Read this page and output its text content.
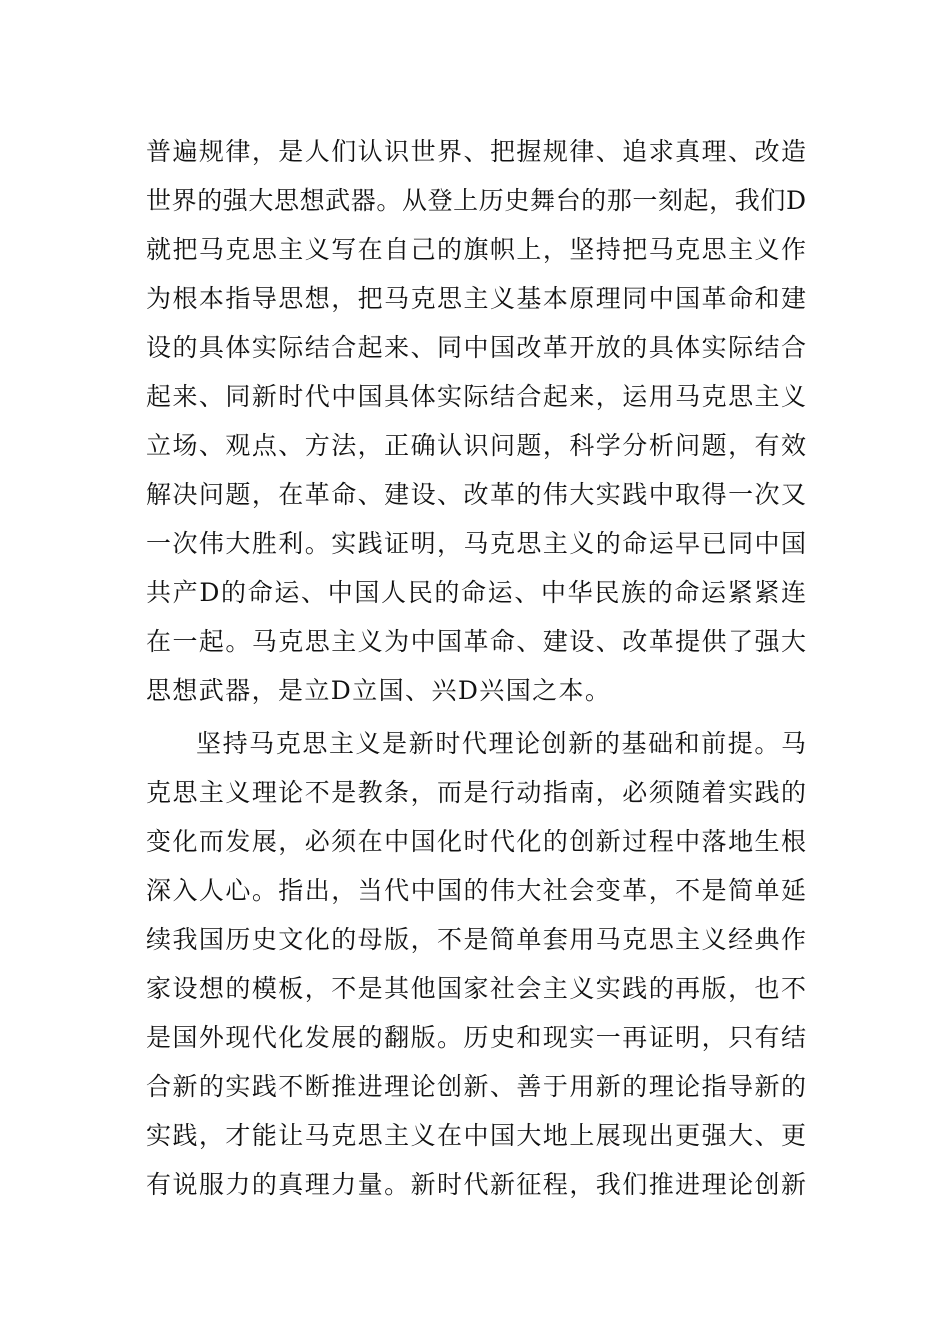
普遍规律，是人们认识世界、把握规律、追求真理、改造
世界的强大思想武器。从登上历史舞台的那一刻起，我们D
就把马克思主义写在自己的旗帜上，坚持把马克思主义作
为根本指导思想，把马克思主义基本原理同中国革命和建
设的具体实际结合起来、同中国改革开放的具体实际结合
起来、同新时代中国具体实际结合起来，运用马克思主义
立场、观点、方法，正确认识问题，科学分析问题，有效
解决问题，在革命、建设、改革的伟大实践中取得一次又
一次伟大胜利。实践证明，马克思主义的命运早已同中国
共产D的命运、中国人民的命运、中华民族的命运紧紧连
在一起。马克思主义为中国革命、建设、改革提供了强大
思想武器，是立D立国、兴D兴国之本。
坚持马克思主义是新时代理论创新的基础和前提。马
克思主义理论不是教条，而是行动指南，必须随着实践的
变化而发展，必须在中国化时代化的创新过程中落地生根
深入人心。指出，当代中国的伟大社会变革，不是简单延
续我国历史文化的母版，不是简单套用马克思主义经典作
家设想的模板，不是其他国家社会主义实践的再版，也不
是国外现代化发展的翻版。历史和现实一再证明，只有结
合新的实践不断推进理论创新、善于用新的理论指导新的
实践，才能让马克思主义在中国大地上展现出更强大、更
有说服力的真理力量。新时代新征程，我们推进理论创新
